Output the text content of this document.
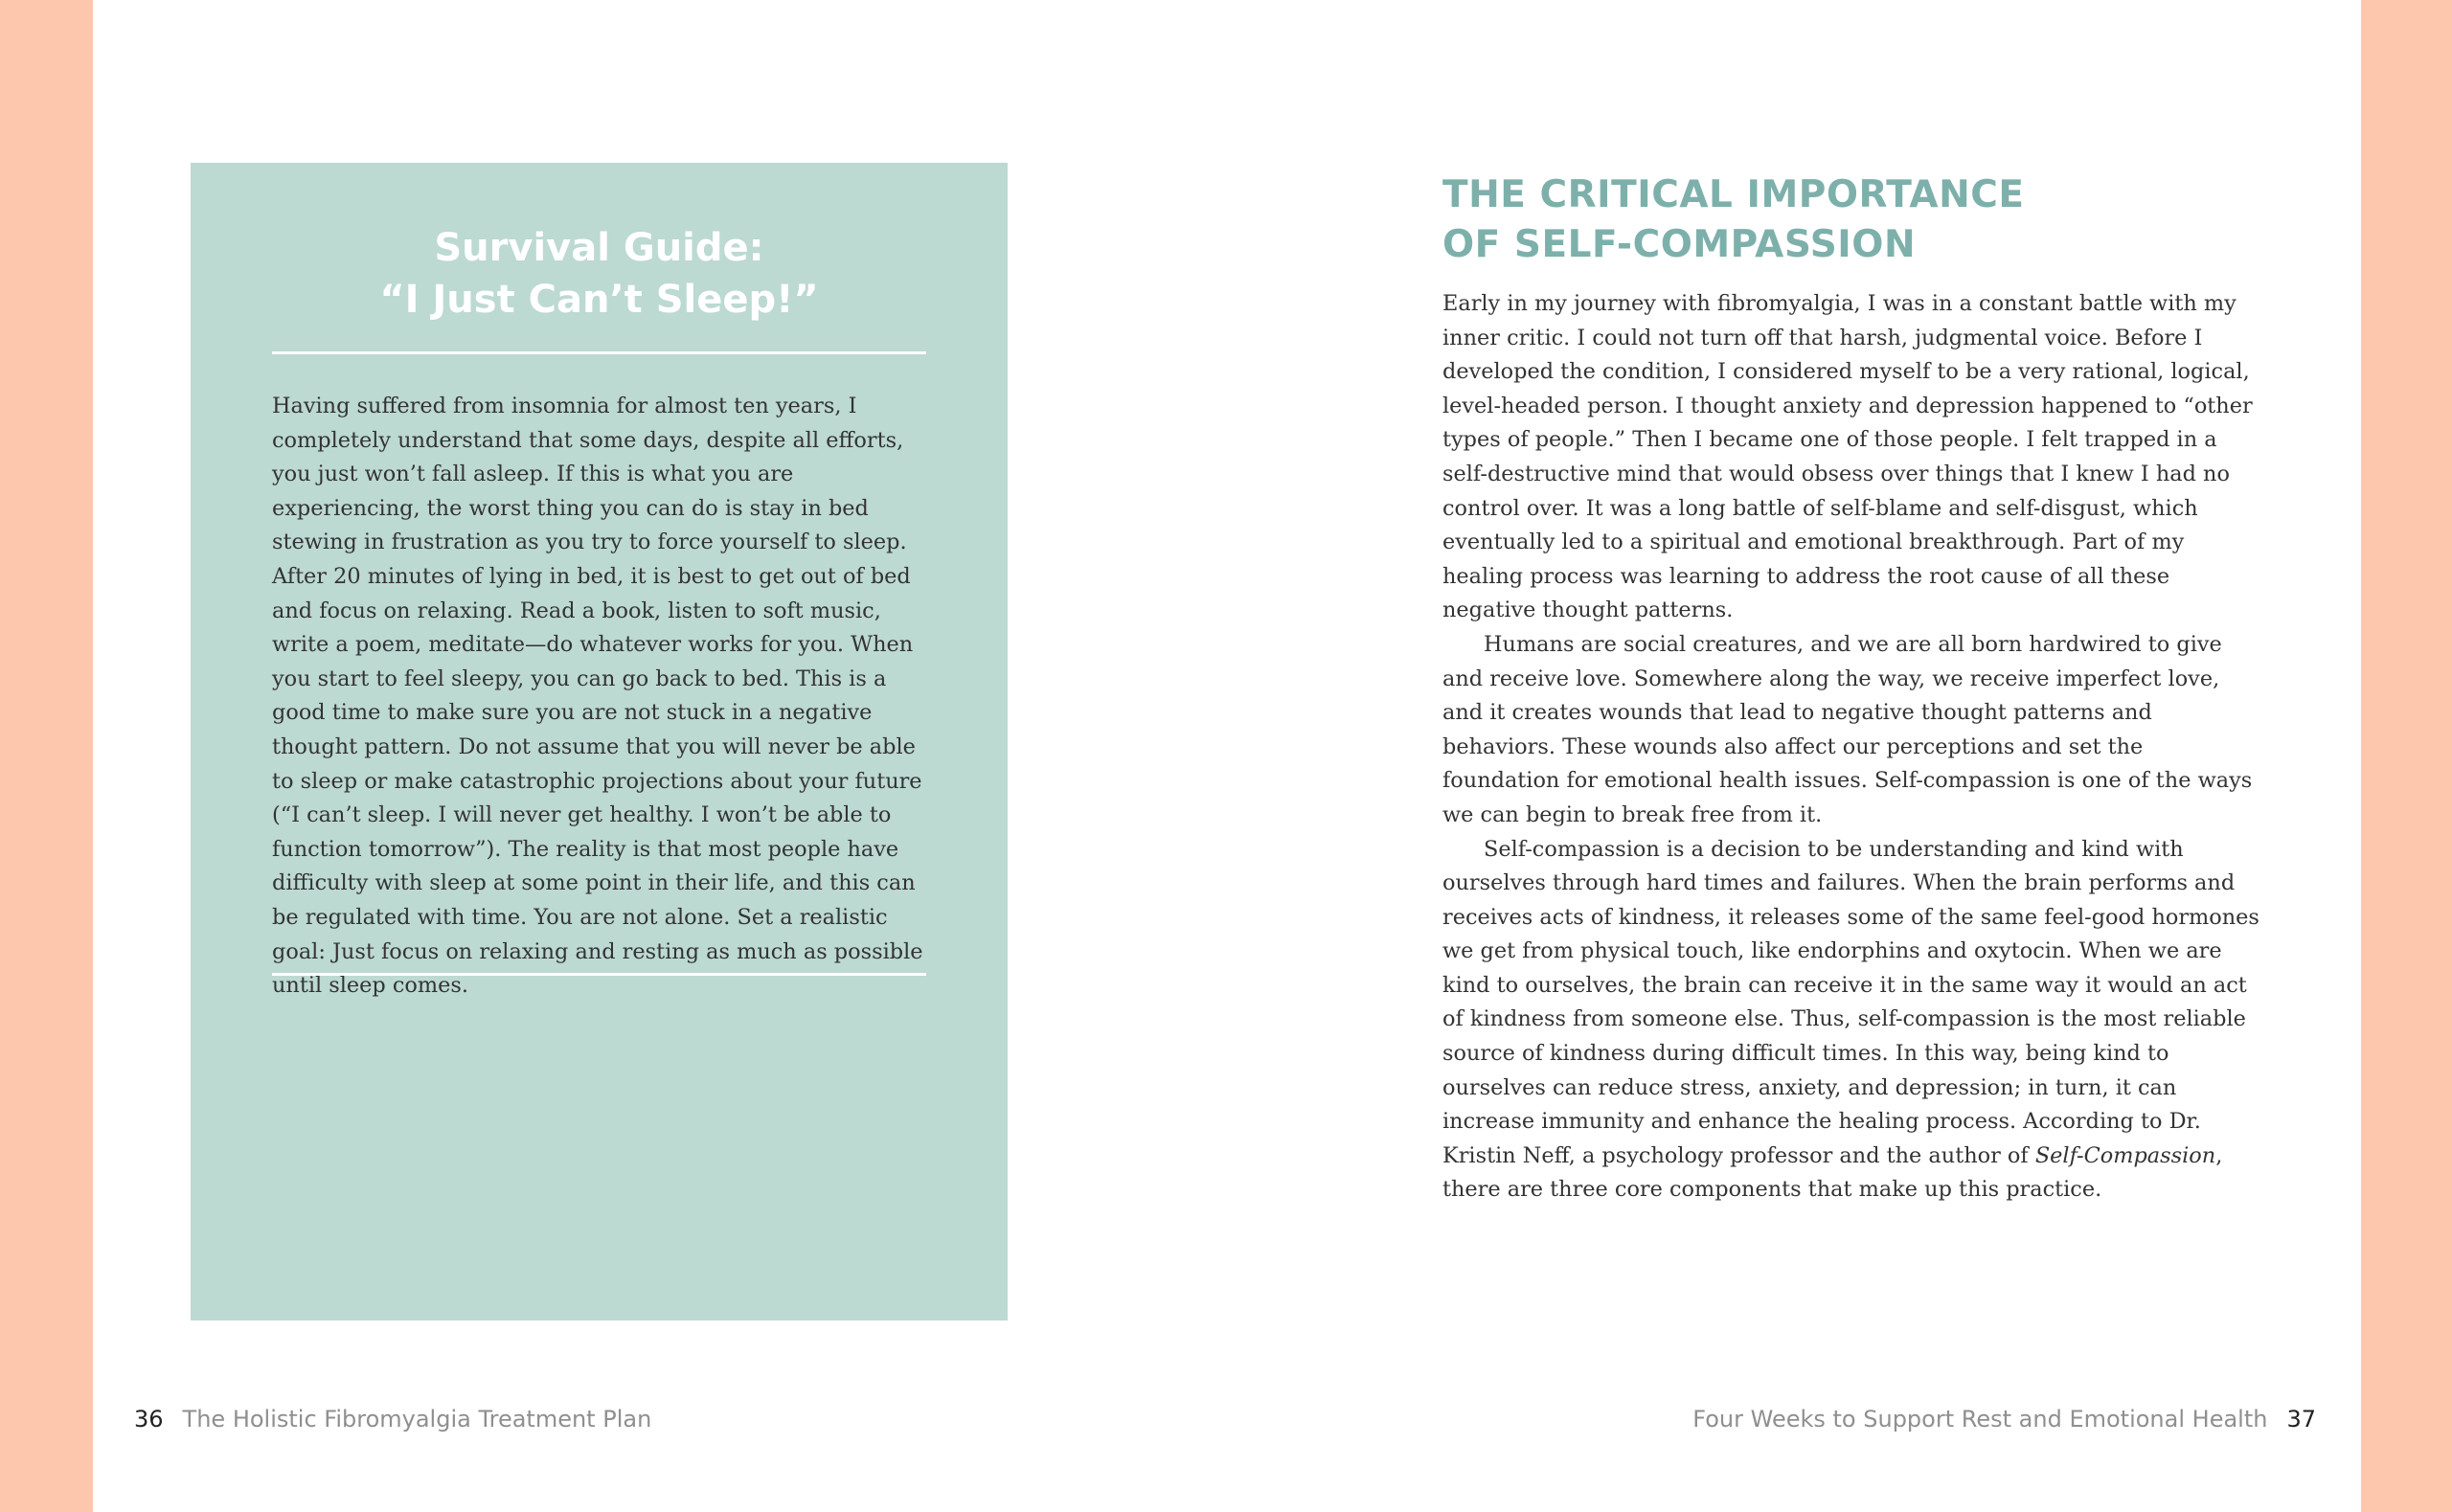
Survival Guide:
“I Just Can’t Sleep!”

Having suffered from insomnia for almost ten years, I completely understand that some days, despite all efforts, you just won’t fall asleep. If this is what you are experiencing, the worst thing you can do is stay in bed stewing in frustration as you try to force yourself to sleep. After 20 minutes of lying in bed, it is best to get out of bed and focus on relaxing. Read a book, listen to soft music, write a poem, meditate—do whatever works for you. When you start to feel sleepy, you can go back to bed. This is a good time to make sure you are not stuck in a negative thought pattern. Do not assume that you will never be able to sleep or make catastrophic projections about your future (“I can’t sleep. I will never get healthy. I won’t be able to function tomorrow”). The reality is that most people have difficulty with sleep at some point in their life, and this can be regulated with time. You are not alone. Set a realistic goal: Just focus on relaxing and resting as much as possible until sleep comes.

THE CRITICAL IMPORTANCE
OF SELF-COMPASSION

Early in my journey with fibromyalgia, I was in a constant battle with my inner critic. I could not turn off that harsh, judgmental voice. Before I developed the condition, I considered myself to be a very rational, logical, level-headed person. I thought anxiety and depression happened to “other types of people.” Then I became one of those people. I felt trapped in a self-destructive mind that would obsess over things that I knew I had no control over. It was a long battle of self-blame and self-disgust, which eventually led to a spiritual and emotional breakthrough. Part of my healing process was learning to address the root cause of all these negative thought patterns.

Humans are social creatures, and we are all born hardwired to give and receive love. Somewhere along the way, we receive imperfect love, and it creates wounds that lead to negative thought patterns and behaviors. These wounds also affect our perceptions and set the foundation for emotional health issues. Self-compassion is one of the ways we can begin to break free from it.

Self-compassion is a decision to be understanding and kind with ourselves through hard times and failures. When the brain performs and receives acts of kindness, it releases some of the same feel-good hormones we get from physical touch, like endorphins and oxytocin. When we are kind to ourselves, the brain can receive it in the same way it would an act of kindness from someone else. Thus, self-compassion is the most reliable source of kindness during difficult times. In this way, being kind to ourselves can reduce stress, anxiety, and depression; in turn, it can increase immunity and enhance the healing process. According to Dr. Kristin Neff, a psychology professor and the author of Self-Compassion, there are three core components that make up this practice.

36 The Holistic Fibromyalgia Treatment Plan	Four Weeks to Support Rest and Emotional Health 37
